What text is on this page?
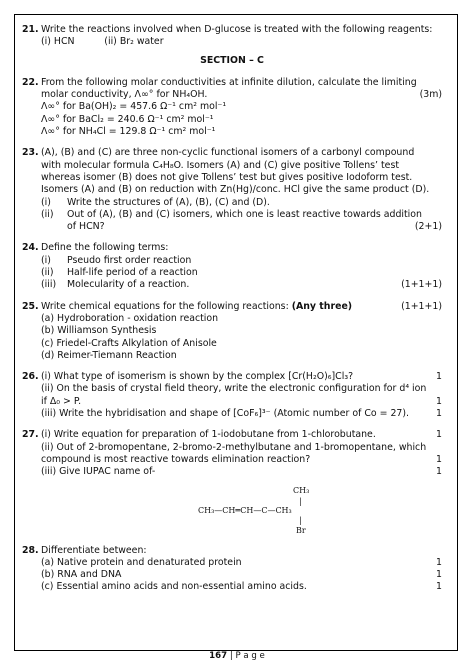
21. Write the reactions involved when D-glucose is treated with the following reagents:
(i) HCN          (ii) Br₂ water
SECTION – C
22. From the following molar conductivities at infinite dilution, calculate the limiting
molar conductivity, Λ∞° for NH₄OH.	(3m)
Λ∞° for Ba(OH)₂ = 457.6 Ω⁻¹ cm² mol⁻¹
Λ∞° for BaCl₂ = 240.6 Ω⁻¹ cm² mol⁻¹
Λ∞° for NH₄Cl = 129.8 Ω⁻¹ cm² mol⁻¹
23. (A), (B) and (C) are three non-cyclic functional isomers of a carbonyl compound
with molecular formula C₄H₈O. Isomers (A) and (C) give positive Tollens’ test
whereas isomer (B) does not give Tollens’ test but gives positive Iodoform test.
Isomers (A) and (B) on reduction with Zn(Hg)/conc. HCl give the same product (D).
(i)	Write the structures of (A), (B), (C) and (D).
(ii)	Out of (A), (B) and (C) isomers, which one is least reactive towards addition
of HCN?	(2+1)
24. Define the following terms:
(i)	Pseudo first order reaction
(ii)	Half-life period of a reaction
(iii)	Molecularity of a reaction.	(1+1+1)
25. Write chemical equations for the following reactions: (Any three)	(1+1+1)
(a) Hydroboration - oxidation reaction
(b) Williamson Synthesis
(c) Friedel-Crafts Alkylation of Anisole
(d) Reimer-Tiemann Reaction
26. (i) What type of isomerism is shown by the complex [Cr(H₂O)₆]Cl₃?	1
(ii) On the basis of crystal field theory, write the electronic configuration for d⁴ ion
if Δ₀ > P.	1
(iii) Write the hybridisation and shape of [CoF₆]³⁻ (Atomic number of Co = 27).	1
27. (i) Write equation for preparation of 1-iodobutane from 1-chlorobutane.	1
(ii) Out of 2-bromopentane, 2-bromo-2-methylbutane and 1-bromopentane, which
compound is most reactive towards elimination reaction?	1
(iii) Give IUPAC name of-	1
CH₃
|
CH₃—CH═CH—C—CH₃
|
Br
28. Differentiate between:
(a) Native protein and denaturated protein	1
(b) RNA and DNA	1
(c) Essential amino acids and non-essential amino acids.	1
167 | P a g e
